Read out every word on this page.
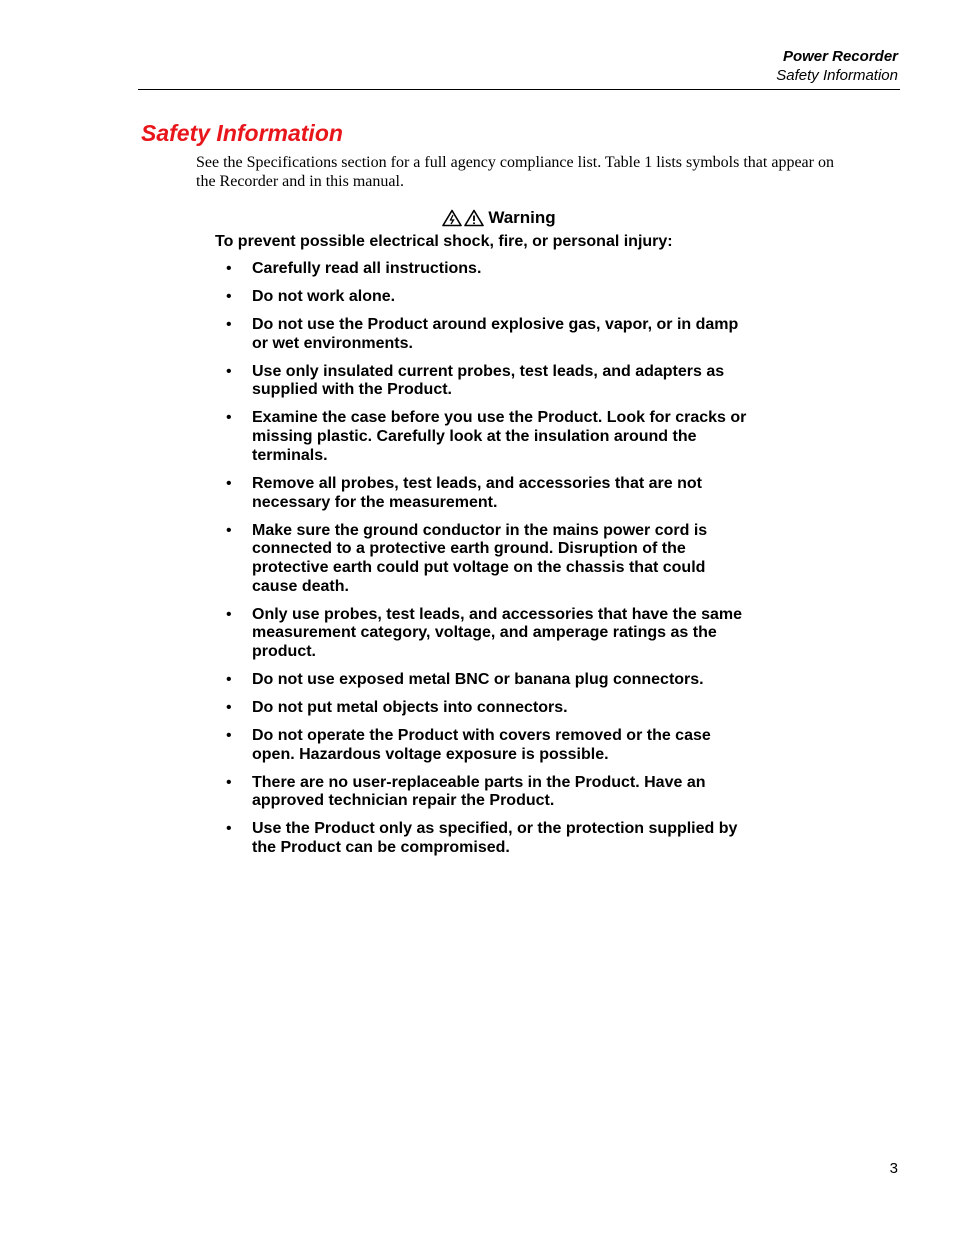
Power Recorder
Safety Information
Safety Information

See the Specifications section for a full agency compliance list. Table 1 lists symbols that appear on the Recorder and in this manual.

Warning

To prevent possible electrical shock, fire, or personal injury:

• Carefully read all instructions.
• Do not work alone.
• Do not use the Product around explosive gas, vapor, or in damp or wet environments.
• Use only insulated current probes, test leads, and adapters as supplied with the Product.
• Examine the case before you use the Product. Look for cracks or missing plastic. Carefully look at the insulation around the terminals.
• Remove all probes, test leads, and accessories that are not necessary for the measurement.
• Make sure the ground conductor in the mains power cord is connected to a protective earth ground. Disruption of the protective earth could put voltage on the chassis that could cause death.
• Only use probes, test leads, and accessories that have the same measurement category, voltage, and amperage ratings as the product.
• Do not use exposed metal BNC or banana plug connectors.
• Do not put metal objects into connectors.
• Do not operate the Product with covers removed or the case open. Hazardous voltage exposure is possible.
• There are no user-replaceable parts in the Product. Have an approved technician repair the Product.
• Use the Product only as specified, or the protection supplied by the Product can be compromised.
3
